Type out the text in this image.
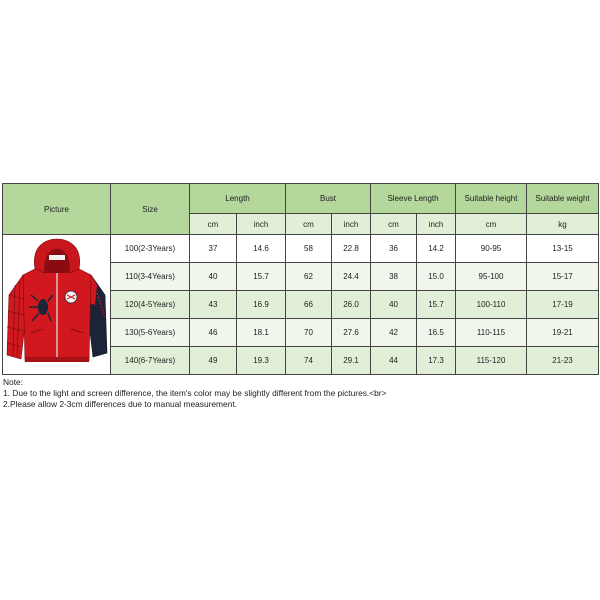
Picture	Size	Length		Bust		Sleeve Length		Suitable height	Suitable weight
		cm	inch	cm	inch	cm	inch	cm	kg

	100(2-3Years)	37	14.6	58	22.8	36	14.2	90-95	13-15
	110(3-4Years)	40	15.7	62	24.4	38	15.0	95-100	15-17
	120(4-5Years)	43	16.9	66	26.0	40	15.7	100-110	17-19
	130(5-6Years)	46	18.1	70	27.6	42	16.5	110-115	19-21
	140(6-7Years)	49	19.3	74	29.1	44	17.3	115-120	21-23
Note:
1. Due to the light and screen difference, the item's color may be slightly different from the pictures.<br>
2.Please allow 2-3cm differences due to manual measurement.
